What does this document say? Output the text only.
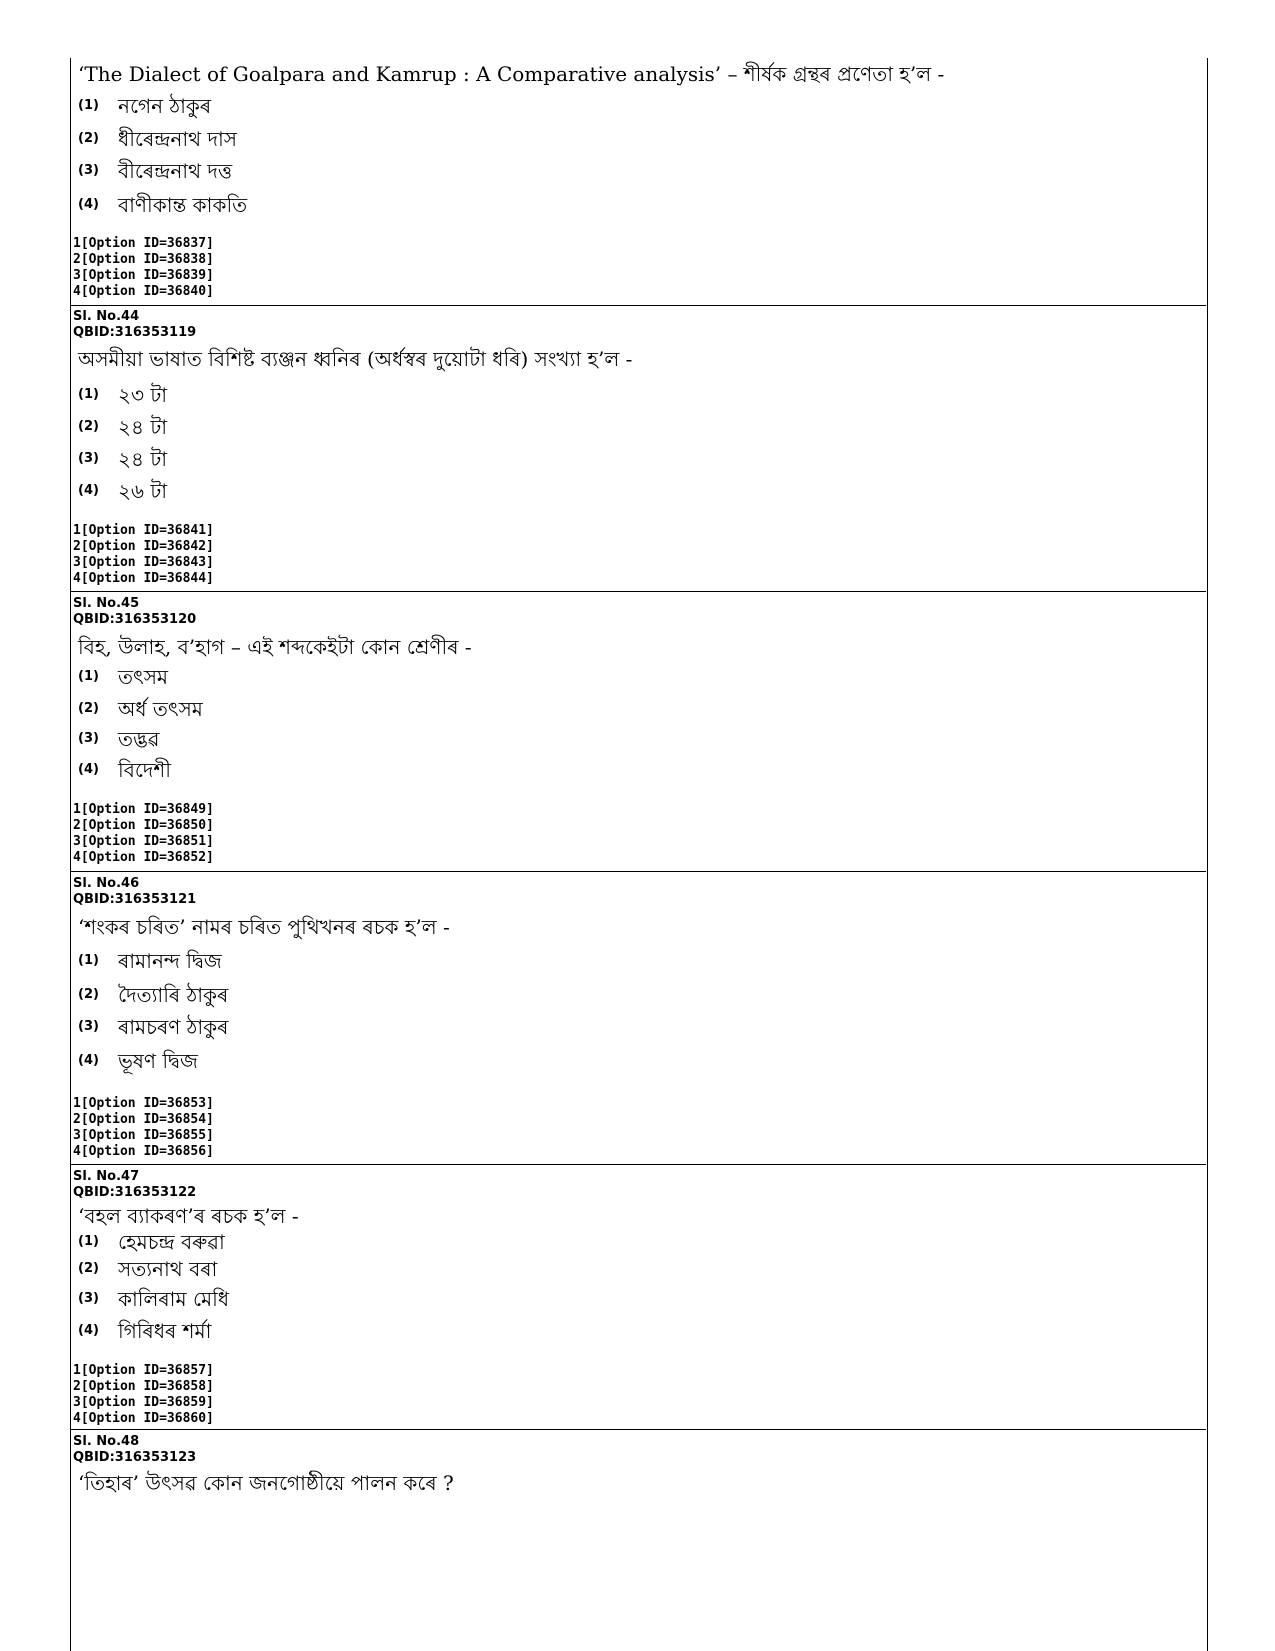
‘The Dialect of Goalpara and Kamrup : A Comparative analysis’ – শীৰ্ষক গ্ৰন্থৰ প্ৰণেতা হ’ল -
(1) নগেন ঠাকুৰ
(2) ধীৰেন্দ্ৰনাথ দাস
(3) বীৰেন্দ্ৰনাথ দত্ত
(4) বাণীকান্ত কাকতি
1[Option ID=36837]
2[Option ID=36838]
3[Option ID=36839]
4[Option ID=36840]
Sl. No.44
QBID:316353119
অসমীয়া ভাষাত বিশিষ্ট ব্যঞ্জন ধ্বনিৰ (অৰ্ধস্বৰ দুয়োটা ধৰি) সংখ্যা হ’ল -
(1) ২৩ টা
(2) ২৪ টা
(3) ২৪ টা
(4) ২৬ টা
1[Option ID=36841]
2[Option ID=36842]
3[Option ID=36843]
4[Option ID=36844]
Sl. No.45
QBID:316353120
বিহ, উলাহ, ব’হাগ – এই শব্দকেইটা কোন শ্ৰেণীৰ -
(1) তৎসম
(2) অৰ্ধ তৎসম
(3) তদ্ভৱ
(4) বিদেশী
1[Option ID=36849]
2[Option ID=36850]
3[Option ID=36851]
4[Option ID=36852]
Sl. No.46
QBID:316353121
‘শংকৰ চৰিত’ নামৰ চৰিত পুথিখনৰ ৰচক হ’ল -
(1) ৰামানন্দ দ্বিজ
(2) দৈত্যাৰি ঠাকুৰ
(3) ৰামচৰণ ঠাকুৰ
(4) ভূষণ দ্বিজ
1[Option ID=36853]
2[Option ID=36854]
3[Option ID=36855]
4[Option ID=36856]
Sl. No.47
QBID:316353122
‘বহল ব্যাকৰণ’ৰ ৰচক হ’ল -
(1) হেমচন্দ্ৰ বৰুৱা
(2) সত্যনাথ বৰা
(3) কালিৰাম মেধি
(4) গিৰিধৰ শৰ্মা
1[Option ID=36857]
2[Option ID=36858]
3[Option ID=36859]
4[Option ID=36860]
Sl. No.48
QBID:316353123
‘তিহাৰ’ উৎসৱ কোন জনগোষ্ঠীয়ে পালন কৰে ?
